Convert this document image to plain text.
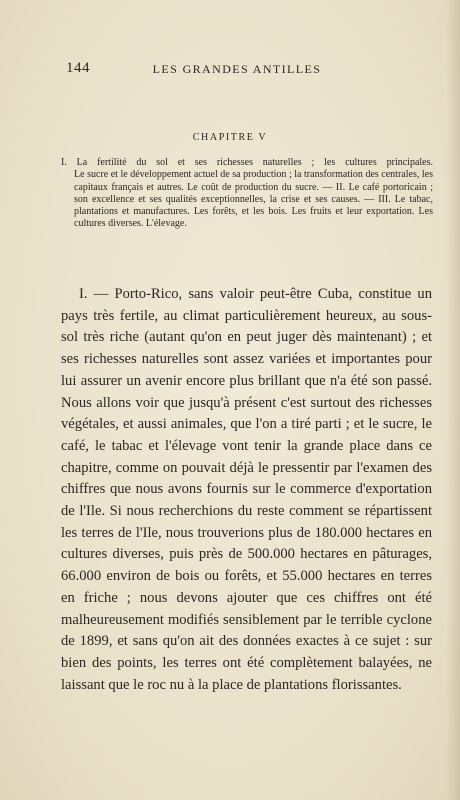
144	LES GRANDES ANTILLES
CHAPITRE V
I. La fertilité du sol et ses richesses naturelles ; les cultures principales.
Le sucre et le développement actuel de sa production ; la transformation des centrales, les capitaux français et autres. Le coût de production du sucre. — II. Le café portoricain ; son excellence et ses qualités exceptionnelles, la crise et ses causes. — III. Le tabac, plantations et manufactures. Les forêts, et les bois. Les fruits et leur exportation. Les cultures diverses. L'élevage.

I. — Porto-Rico, sans valoir peut-être Cuba, constitue un pays très fertile, au climat particulièrement heureux, au sous-sol très riche (autant qu'on en peut juger dès maintenant) ; et ses richesses naturelles sont assez variées et importantes pour lui assurer un avenir encore plus brillant que n'a été son passé. Nous allons voir que jusqu'à présent c'est surtout des richesses végétales, et aussi animales, que l'on a tiré parti ; et le sucre, le café, le tabac et l'élevage vont tenir la grande place dans ce chapitre, comme on pouvait déjà le pressentir par l'examen des chiffres que nous avons fournis sur le commerce d'exportation de l'Ile. Si nous recherchions du reste comment se répartissent les terres de l'Ile, nous trouverions plus de 180.000 hectares en cultures diverses, puis près de 500.000 hectares en pâturages, 66.000 environ de bois ou forêts, et 55.000 hectares en terres en friche ; nous devons ajouter que ces chiffres ont été malheureusement modifiés sensiblement par le terrible cyclone de 1899, et sans qu'on ait des données exactes à ce sujet : sur bien des points, les terres ont été complètement balayées, ne laissant que le roc nu à la place de plantations florissantes.
